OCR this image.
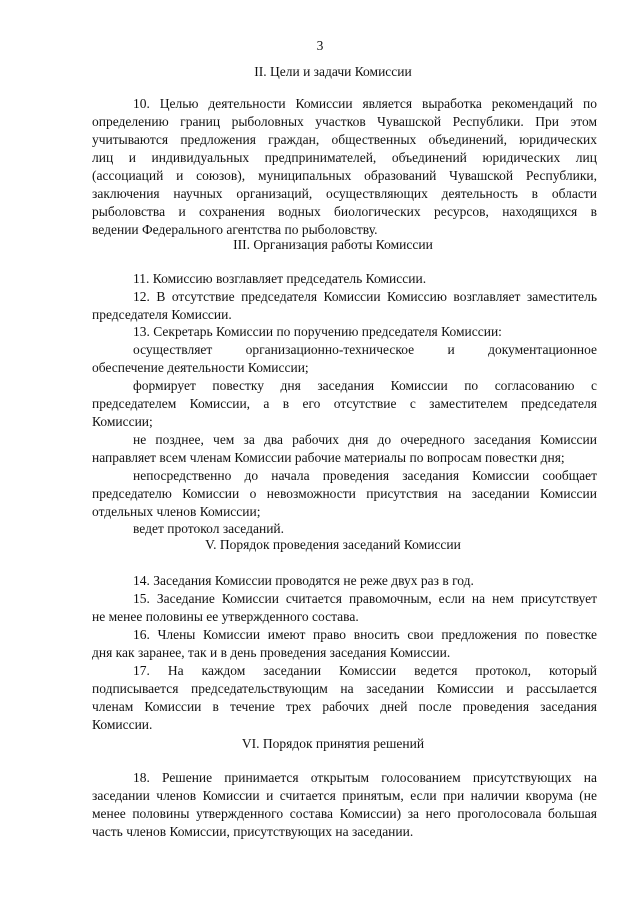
3
II. Цели и задачи Комиссии
10. Целью деятельности Комиссии является выработка рекомендаций по
определению границ рыболовных участков Чувашской Республики. При этом
учитываются предложения граждан, общественных объединений, юридических
лиц и индивидуальных предпринимателей, объединений юридических лиц
(ассоциаций и союзов), муниципальных образований Чувашской Республики,
заключения научных организаций, осуществляющих деятельность в области
рыболовства и сохранения водных биологических ресурсов, находящихся в
ведении Федерального агентства по рыболовству.
III. Организация работы Комиссии
11. Комиссию возглавляет председатель Комиссии.
12. В отсутствие председателя Комиссии Комиссию возглавляет заместитель
председателя Комиссии.
13. Секретарь Комиссии по поручению председателя Комиссии:
осуществляет организационно-техническое и документационное
обеспечение деятельности Комиссии;
формирует повестку дня заседания Комиссии по согласованию с
председателем Комиссии, а в его отсутствие с заместителем председателя
Комиссии;
не позднее, чем за два рабочих дня до очередного заседания Комиссии
направляет всем членам Комиссии рабочие материалы по вопросам повестки дня;
непосредственно до начала проведения заседания Комиссии сообщает
председателю Комиссии о невозможности присутствия на заседании Комиссии
отдельных членов Комиссии;
ведет протокол заседаний.
V. Порядок проведения заседаний Комиссии
14. Заседания Комиссии проводятся не реже двух раз в год.
15. Заседание Комиссии считается правомочным, если на нем присутствует
не менее половины ее утвержденного состава.
16. Члены Комиссии имеют право вносить свои предложения по повестке
дня как заранее, так и в день проведения заседания Комиссии.
17. На каждом заседании Комиссии ведется протокол, который
подписывается председательствующим на заседании Комиссии и рассылается
членам Комиссии в течение трех рабочих дней после проведения заседания
Комиссии.
VI. Порядок принятия решений
18. Решение принимается открытым голосованием присутствующих на
заседании членов Комиссии и считается принятым, если при наличии кворума (не
менее половины утвержденного состава Комиссии) за него проголосовала большая
часть членов Комиссии, присутствующих на заседании.
